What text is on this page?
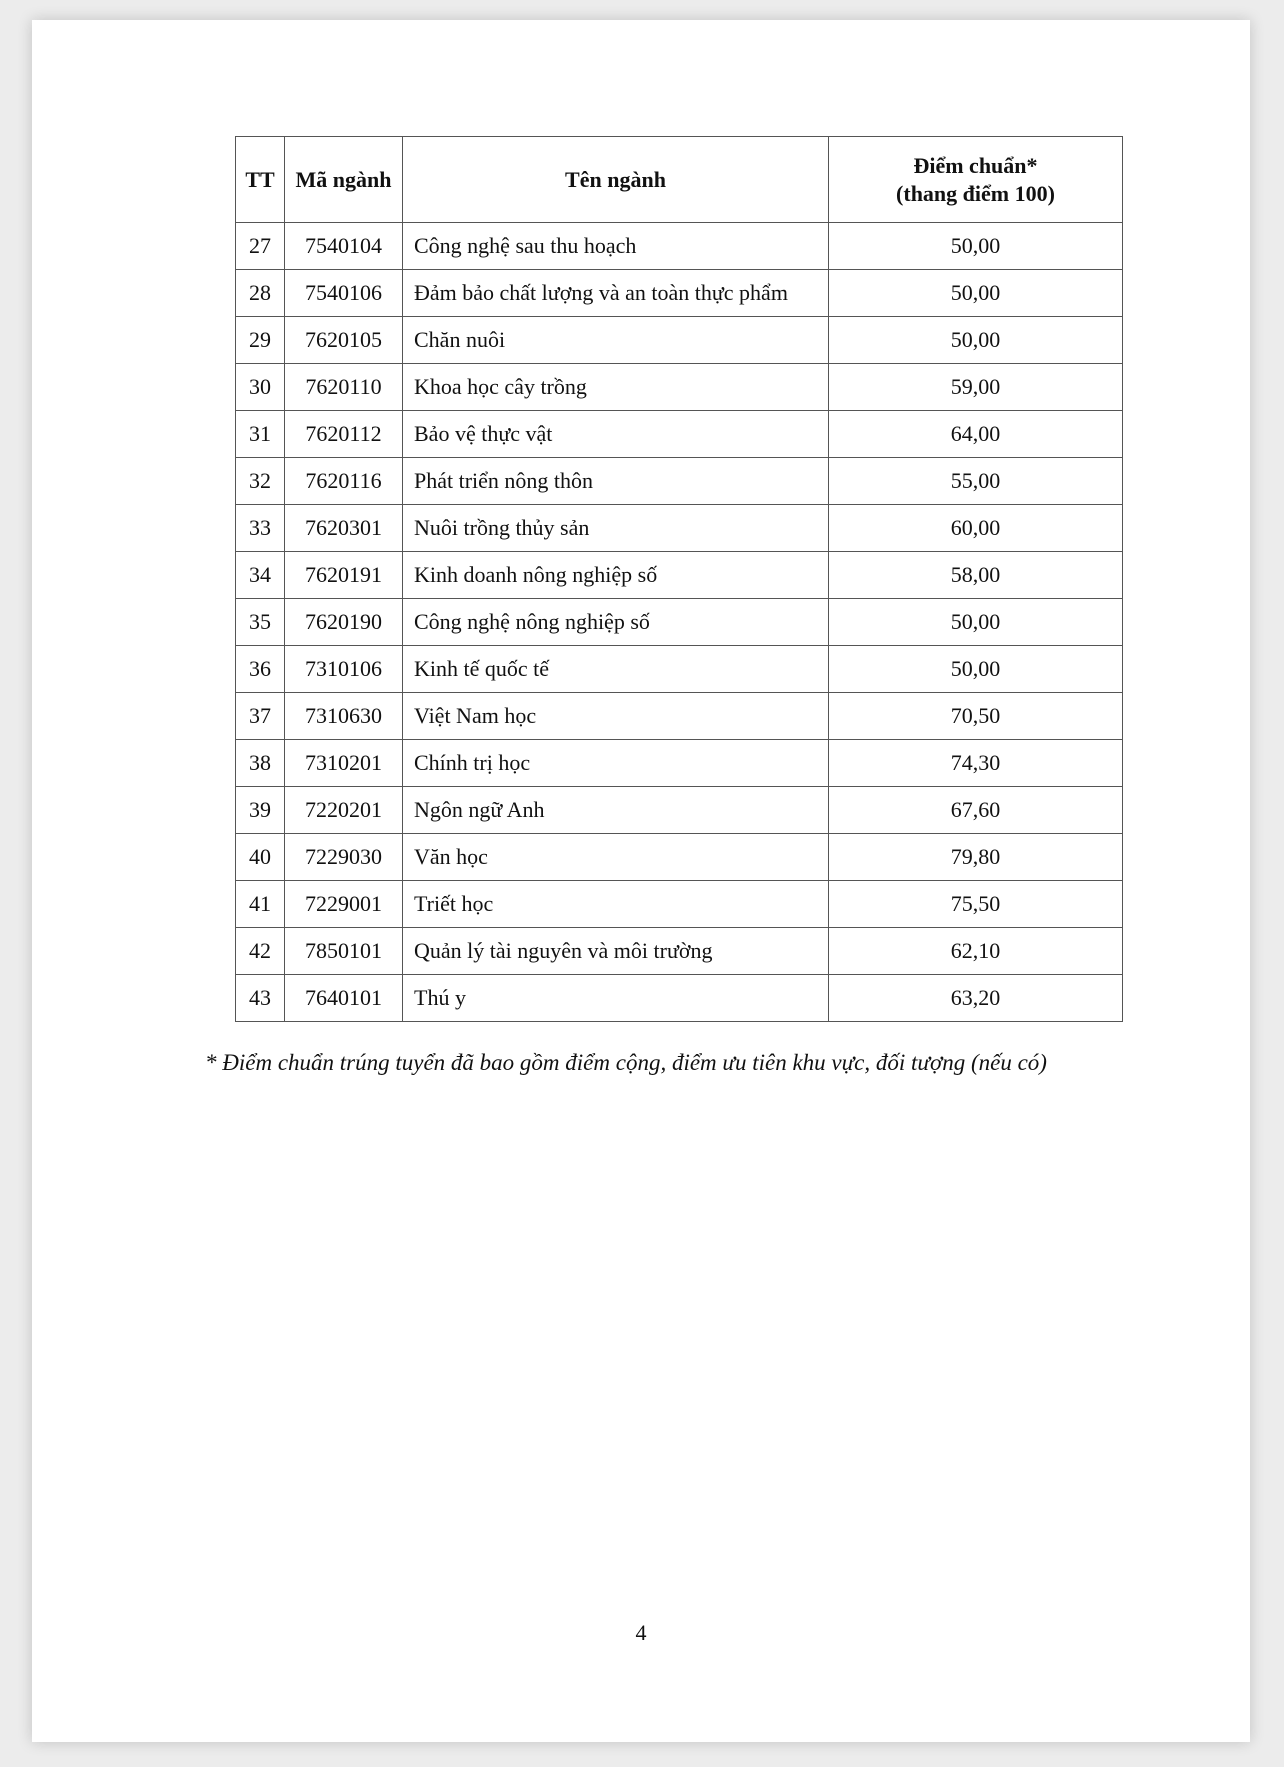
TT	Mã ngành	Tên ngành	Điểm chuẩn*
(thang điểm 100)
27	7540104	Công nghệ sau thu hoạch	50,00
28	7540106	Đảm bảo chất lượng và an toàn thực phẩm	50,00
29	7620105	Chăn nuôi	50,00
30	7620110	Khoa học cây trồng	59,00
31	7620112	Bảo vệ thực vật	64,00
32	7620116	Phát triển nông thôn	55,00
33	7620301	Nuôi trồng thủy sản	60,00
34	7620191	Kinh doanh nông nghiệp số	58,00
35	7620190	Công nghệ nông nghiệp số	50,00
36	7310106	Kinh tế quốc tế	50,00
37	7310630	Việt Nam học	70,50
38	7310201	Chính trị học	74,30
39	7220201	Ngôn ngữ Anh	67,60
40	7229030	Văn học	79,80
41	7229001	Triết học	75,50
42	7850101	Quản lý tài nguyên và môi trường	62,10
43	7640101	Thú y	63,20
* Điểm chuẩn trúng tuyển đã bao gồm điểm cộng, điểm ưu tiên khu vực, đối tượng (nếu có)
4
